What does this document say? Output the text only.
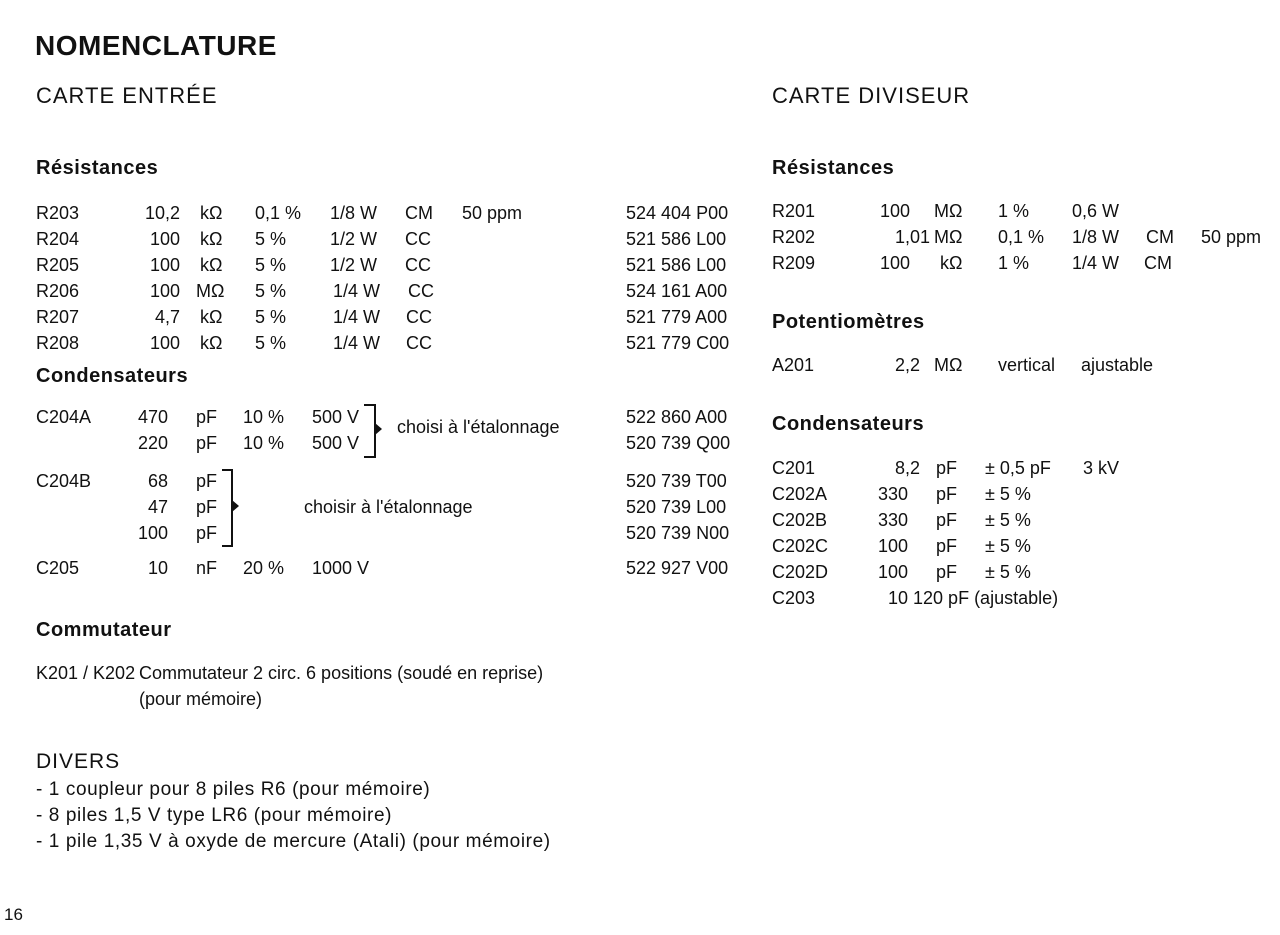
NOMENCLATURE
CARTE ENTRÉE	CARTE DIVISEUR
Résistances
R203	10,2 kΩ 0,1 % 1/8 W CM 50 ppm	524 404 P00
R204	100 kΩ 5 % 1/2 W CC	521 586 L00
R205	100 kΩ 5 % 1/2 W CC	521 586 L00
R206	100 MΩ 5 %	1/4 W CC	524 161 A00
R207	4,7 kΩ 5 %	1/4 W CC	521 779 A00
R208	100 kΩ 5 %	1/4 W CC	521 779 C00
Condensateurs
C204A	470 pF 10 % 500 V	522 860 A00
220 pF 10 % 500 V	520 739 Q00
choisi à l'étalonnage
C204B	68 pF	520 739 T00
47 pF	520 739 L00
100 pF	520 739 N00
choisir à l'étalonnage
C205	10 nF 20 % 1000 V	522 927 V00
Commutateur
K201 / K202 Commutateur 2 circ. 6 positions (soudé en reprise)
(pour mémoire)
DIVERS
- 1 coupleur pour 8 piles R6 (pour mémoire)
- 8 piles 1,5 V type LR6 (pour mémoire)
- 1 pile 1,35 V à oxyde de mercure (Atali) (pour mémoire)
Résistances
R201	100 MΩ 1 % 0,6 W
R202	1,01 MΩ 0,1 % 1/8 W CM 50 ppm
R209	100 kΩ 1 % 1/4 W CM
Potentiomètres
A201	2,2 MΩ vertical ajustable
Condensateurs
C201	8,2 pF ± 0,5 pF 3 kV
C202A	330 pF ± 5 %
C202B	330 pF ± 5 %
C202C	100 pF ± 5 %
C202D	100 pF ± 5 %
C203	10 120 pF (ajustable)
16
